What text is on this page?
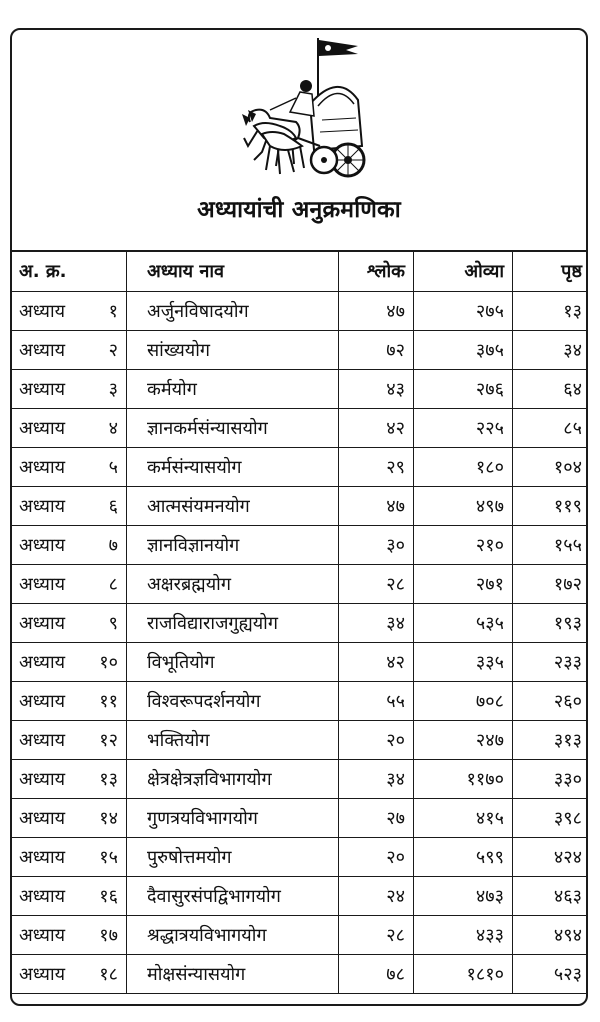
अध्यायांची अनुक्रमणिका
अ. क्र.	अध्याय नाव	श्लोक	ओव्या	पृष्ठ

अध्याय १	अर्जुनविषादयोग	४७	२७५	१३

अध्याय २	सांख्ययोग	७२	३७५	३४

अध्याय ३	कर्मयोग	४३	२७६	६४

अध्याय ४	ज्ञानकर्मसंन्यासयोग	४२	२२५	८५

अध्याय ५	कर्मसंन्यासयोग	२९	१८०	१०४

अध्याय ६	आत्मसंयमनयोग	४७	४९७	११९

अध्याय ७	ज्ञानविज्ञानयोग	३०	२१०	१५५

अध्याय ८	अक्षरब्रह्मयोग	२८	२७१	१७२

अध्याय ९	राजविद्याराजगुह्ययोग	३४	५३५	१९३

अध्याय १०	विभूतियोग	४२	३३५	२३३

अध्याय ११	विश्वरूपदर्शनयोग	५५	७०८	२६०

अध्याय १२	भक्तियोग	२०	२४७	३१३

अध्याय १३	क्षेत्रक्षेत्रज्ञविभागयोग	३४	११७०	३३०

अध्याय १४	गुणत्रयविभागयोग	२७	४१५	३९८

अध्याय १५	पुरुषोत्तमयोग	२०	५९९	४२४

अध्याय १६	दैवासुरसंपद्विभागयोग	२४	४७३	४६३

अध्याय १७	श्रद्धात्रयविभागयोग	२८	४३३	४९४

अध्याय १८	मोक्षसंन्यासयोग	७८	१८१०	५२३
